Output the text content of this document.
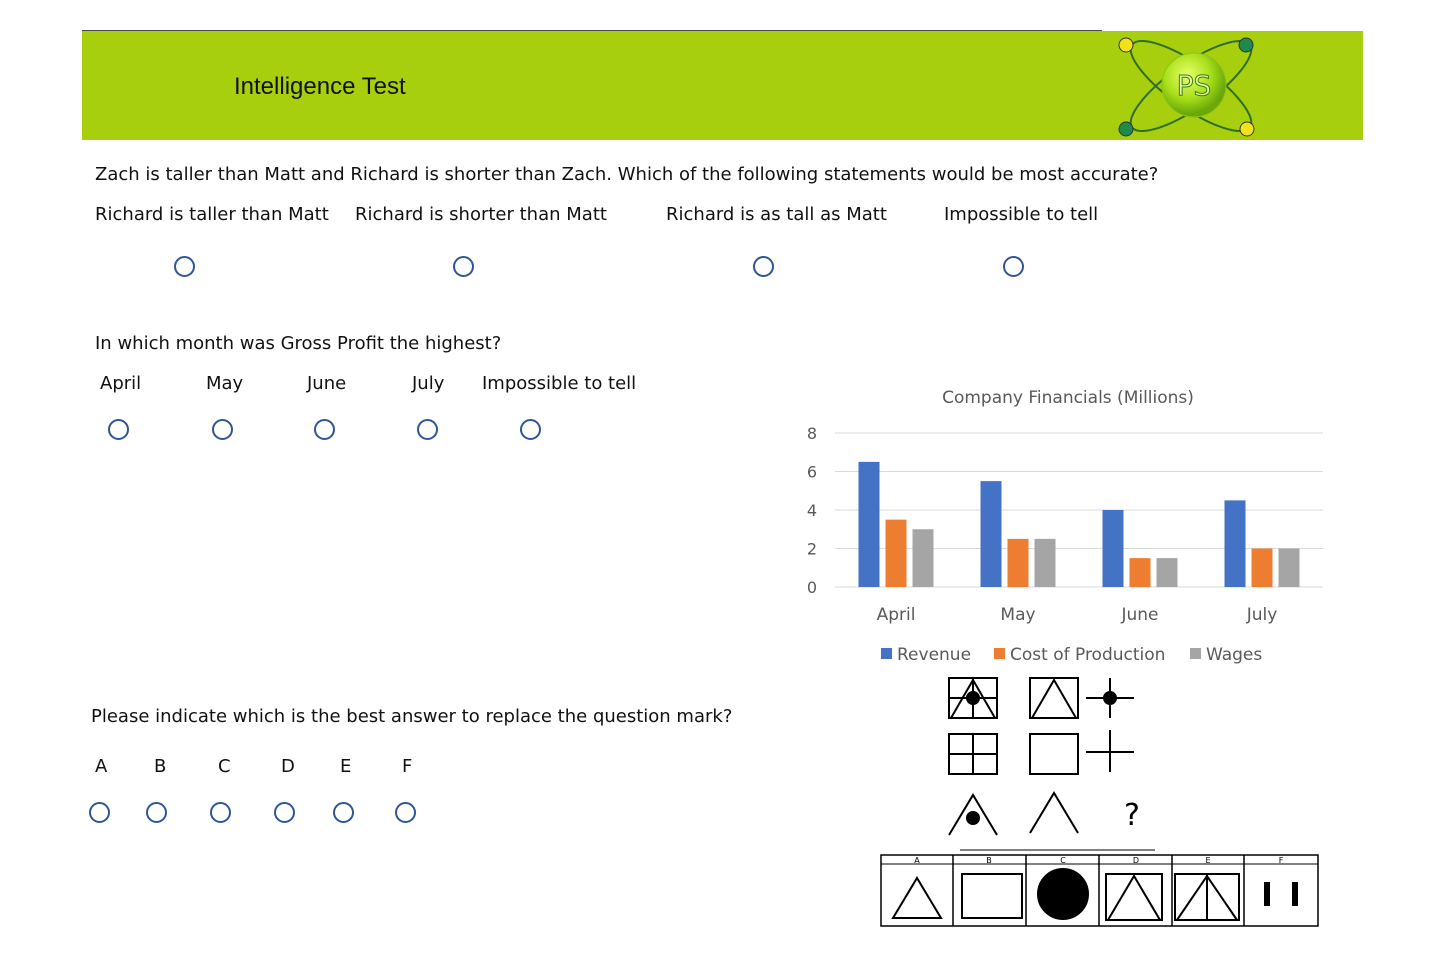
Intelligence Test	PS
Zach is taller than Matt and Richard is shorter than Zach. Which of the following statements would be most accurate?
Richard is taller than Matt Richard is shorter than Matt	Richard is as tall as Matt	Impossible to tell
In which month was Gross Profit the highest?
April	May	June	July Impossible to tell
Company Financials (Millions)
April	May	June	July
0
2
4
6
8
Revenue Cost of Production Wages
Please indicate which is the best answer to replace the question mark?
A	B	C	D	E	F
?
A	B	C	D	E	F
